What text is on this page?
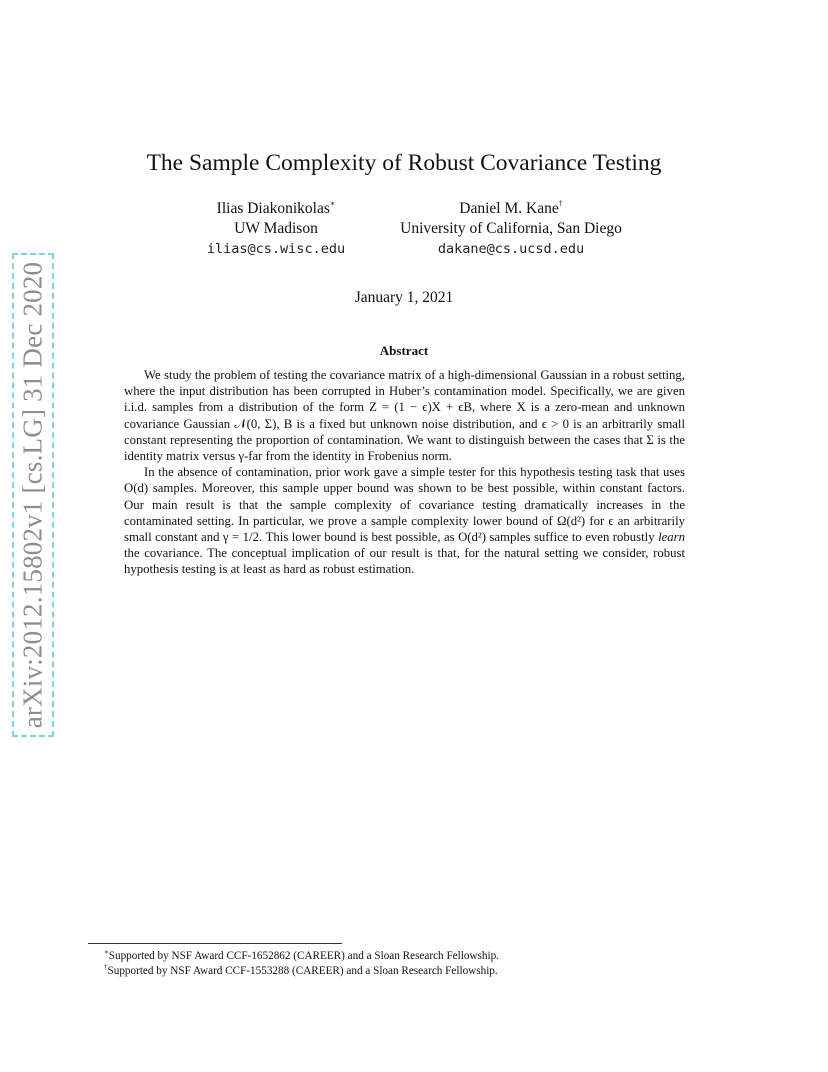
arXiv:2012.15802v1 [cs.LG] 31 Dec 2020
The Sample Complexity of Robust Covariance Testing
Ilias Diakonikolas∗
UW Madison
ilias@cs.wisc.edu
Daniel M. Kane†
University of California, San Diego
dakane@cs.ucsd.edu
January 1, 2021
Abstract

We study the problem of testing the covariance matrix of a high-dimensional Gaussian in a robust setting, where the input distribution has been corrupted in Huber’s contamination model. Specifically, we are given i.i.d. samples from a distribution of the form Z = (1 − ϵ)X + ϵB, where X is a zero-mean and unknown covariance Gaussian 𝒩(0, Σ), B is a fixed but unknown noise distribution, and ϵ > 0 is an arbitrarily small constant representing the proportion of contamination. We want to distinguish between the cases that Σ is the identity matrix versus γ-far from the identity in Frobenius norm.

In the absence of contamination, prior work gave a simple tester for this hypothesis testing task that uses O(d) samples. Moreover, this sample upper bound was shown to be best possible, within constant factors. Our main result is that the sample complexity of covariance testing dramatically increases in the contaminated setting. In particular, we prove a sample complexity lower bound of Ω(d²) for ϵ an arbitrarily small constant and γ = 1/2. This lower bound is best possible, as O(d²) samples suffice to even robustly learn the covariance. The conceptual implication of our result is that, for the natural setting we consider, robust hypothesis testing is at least as hard as robust estimation.

∗Supported by NSF Award CCF-1652862 (CAREER) and a Sloan Research Fellowship.
†Supported by NSF Award CCF-1553288 (CAREER) and a Sloan Research Fellowship.
